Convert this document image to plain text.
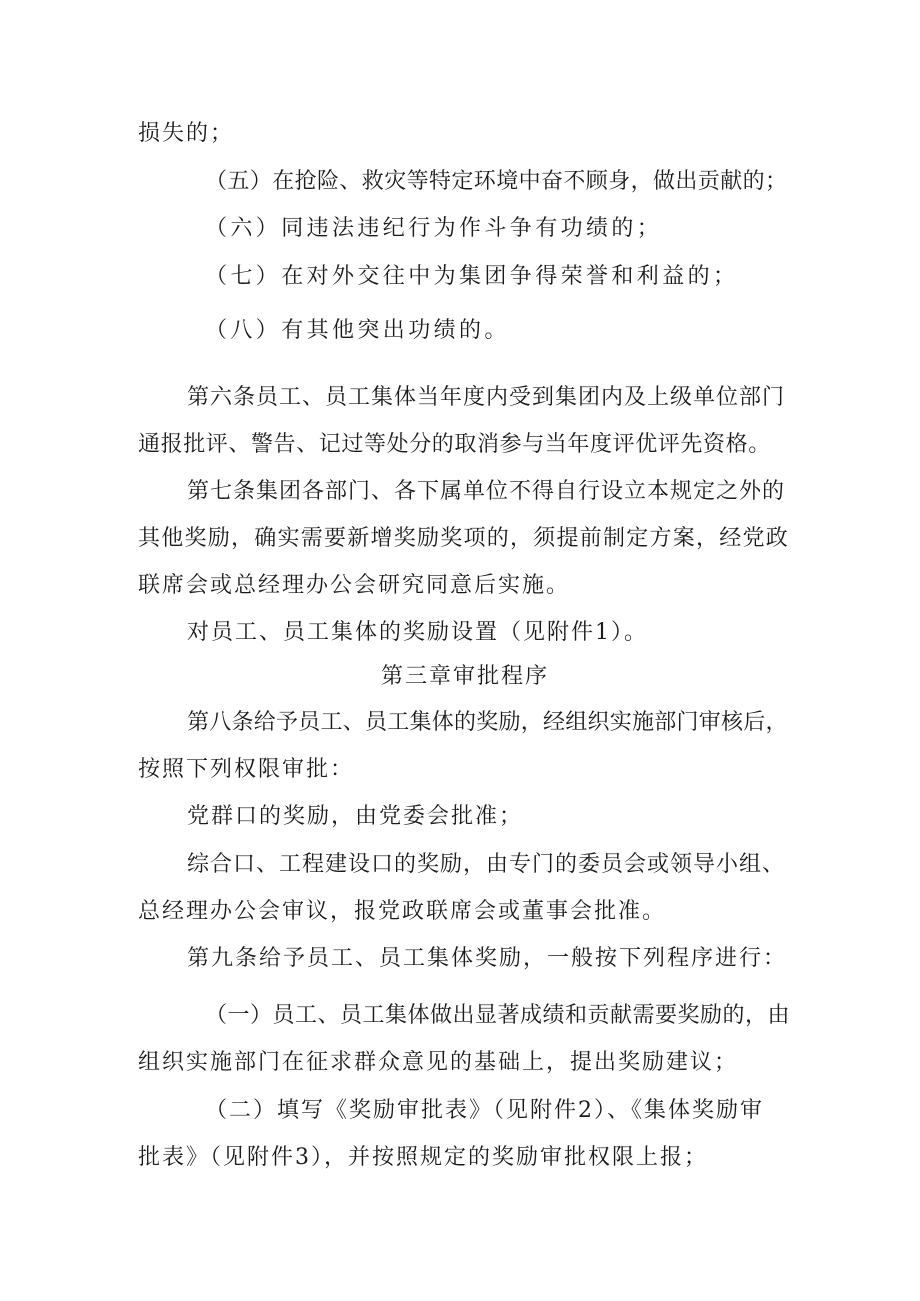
损失的；
（五）在抢险、救灾等特定环境中奋不顾身，做出贡献的；
（六）同违法违纪行为作斗争有功绩的；
（七）在对外交往中为集团争得荣誉和利益的；
（八）有其他突出功绩的。
第六条员工、员工集体当年度内受到集团内及上级单位部门
通报批评、警告、记过等处分的取消参与当年度评优评先资格。
第七条集团各部门、各下属单位不得自行设立本规定之外的
其他奖励，确实需要新增奖励奖项的，须提前制定方案，经党政
联席会或总经理办公会研究同意后实施。
对员工、员工集体的奖励设置（见附件1）。
第三章审批程序
第八条给予员工、员工集体的奖励，经组织实施部门审核后，
按照下列权限审批：
党群口的奖励，由党委会批准；
综合口、工程建设口的奖励，由专门的委员会或领导小组、
总经理办公会审议，报党政联席会或董事会批准。
第九条给予员工、员工集体奖励，一般按下列程序进行：
（一）员工、员工集体做出显著成绩和贡献需要奖励的，由
组织实施部门在征求群众意见的基础上，提出奖励建议；
（二）填写《奖励审批表》（见附件2）、《集体奖励审
批表》（见附件3），并按照规定的奖励审批权限上报；
